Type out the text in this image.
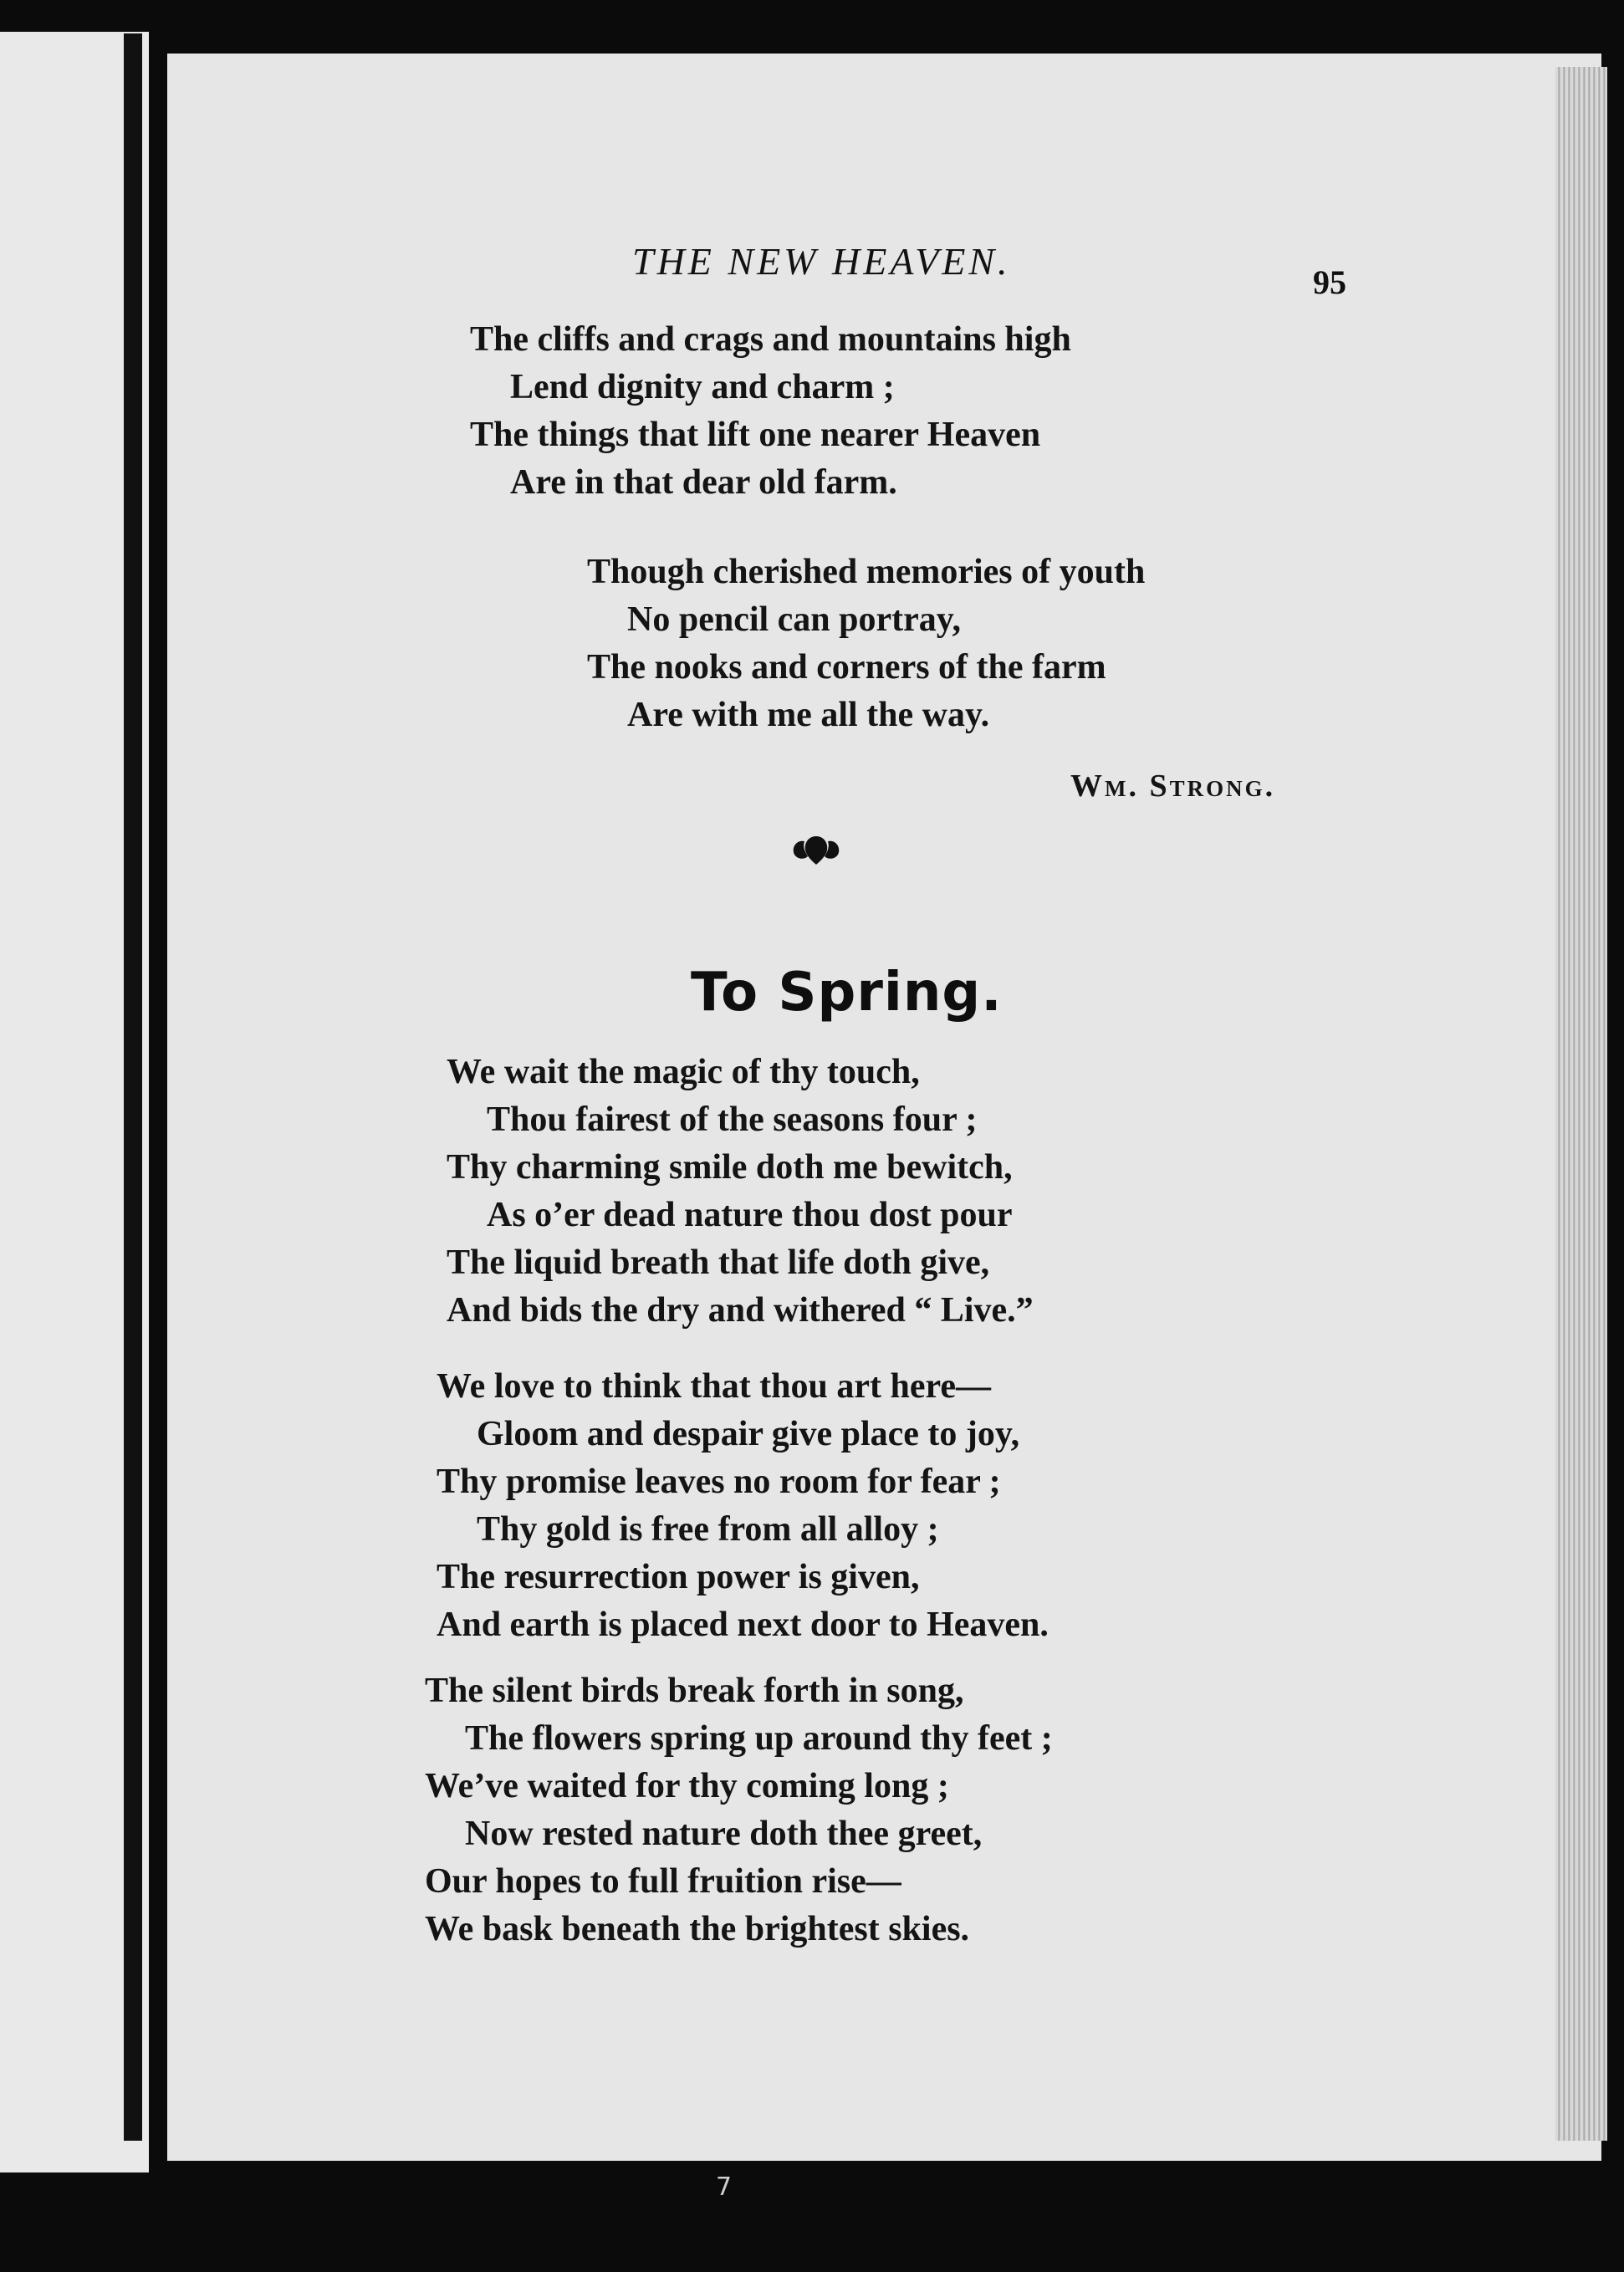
THE NEW HEAVEN.	95
The cliffs and crags and mountains high
Lend dignity and charm ;
The things that lift one nearer Heaven
Are in that dear old farm.
Though cherished memories of youth
No pencil can portray,
The nooks and corners of the farm
Are with me all the way.
Wm. Strong.
To Spring.
We wait the magic of thy touch,
Thou fairest of the seasons four ;
Thy charming smile doth me bewitch,
As o’er dead nature thou dost pour
The liquid breath that life doth give,
And bids the dry and withered “ Live.”
We love to think that thou art here—
Gloom and despair give place to joy,
Thy promise leaves no room for fear ;
Thy gold is free from all alloy ;
The resurrection power is given,
And earth is placed next door to Heaven.
The silent birds break forth in song,
The flowers spring up around thy feet ;
We’ve waited for thy coming long ;
Now rested nature doth thee greet,
Our hopes to full fruition rise—
We bask beneath the brightest skies.
7
